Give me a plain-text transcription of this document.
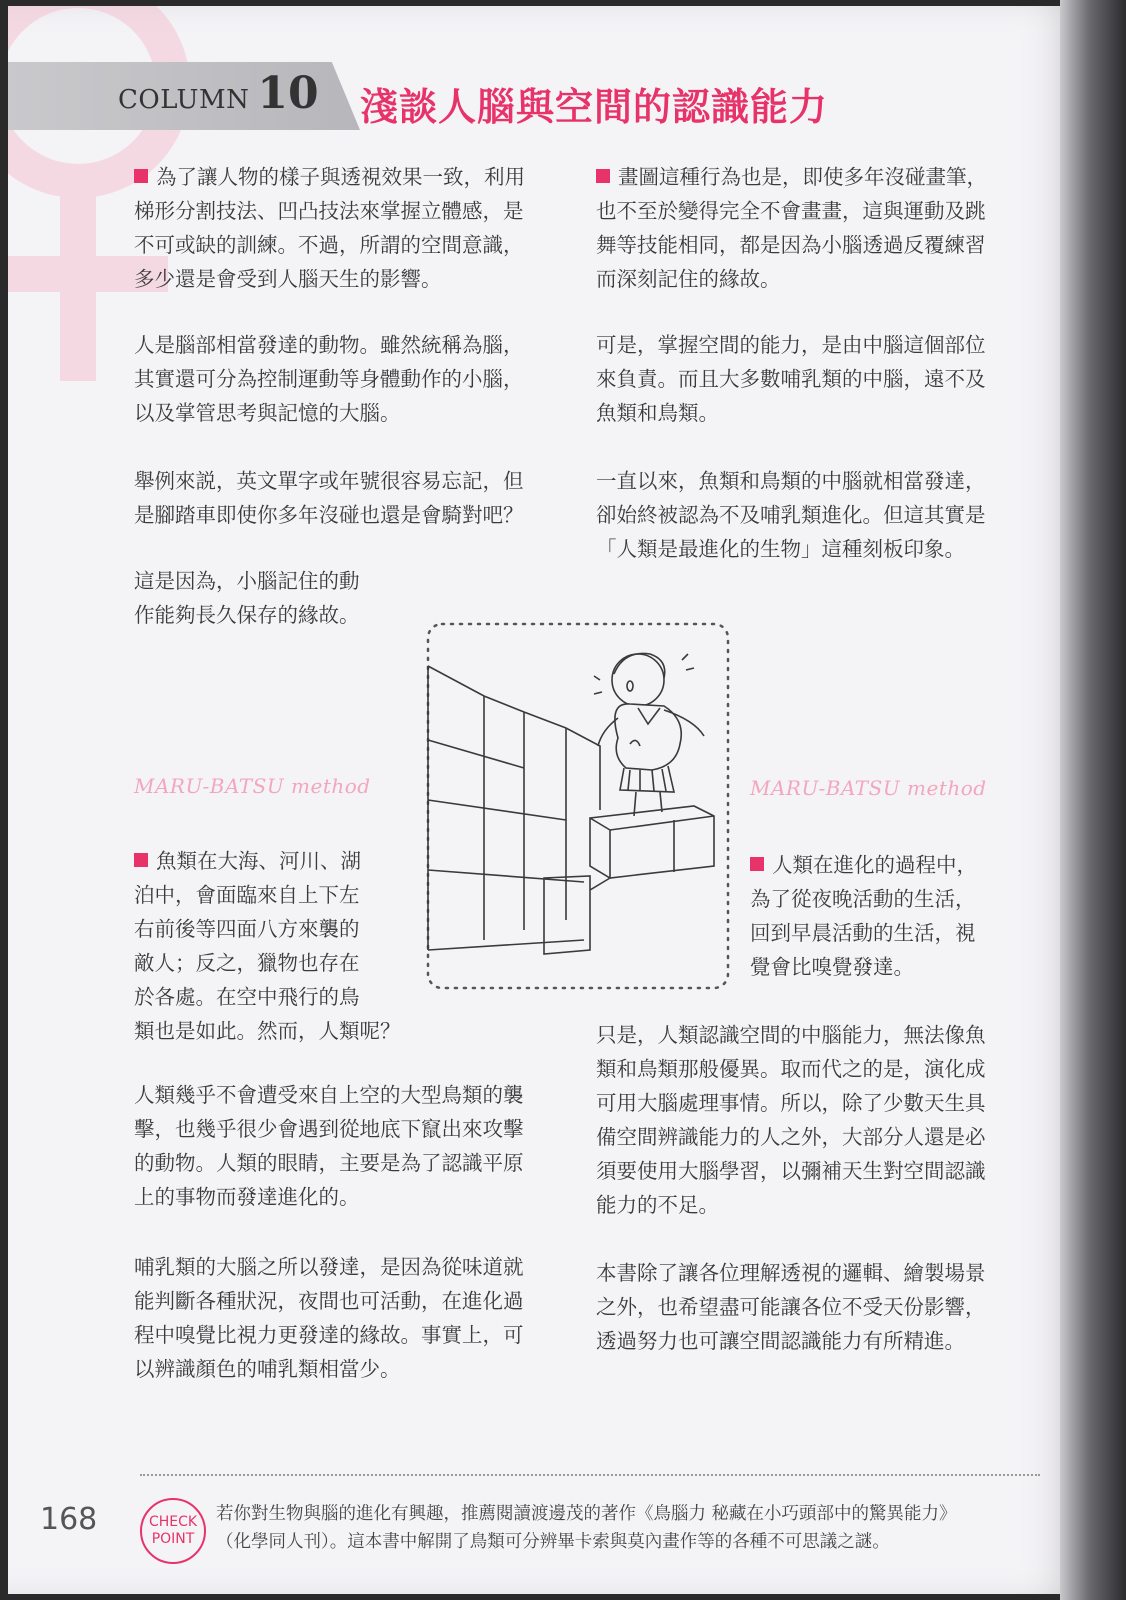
COLUMN 10 淺談人腦與空間的認識能力
為了讓人物的樣子與透視效果一致，利用
梯形分割技法、凹凸技法來掌握立體感，是
不可或缺的訓練。不過，所謂的空間意識，
多少還是會受到人腦天生的影響。
人是腦部相當發達的動物。雖然統稱為腦，
其實還可分為控制運動等身體動作的小腦，
以及掌管思考與記憶的大腦。
舉例來説，英文單字或年號很容易忘記，但
是腳踏車即使你多年沒碰也還是會騎對吧？
這是因為，小腦記住的動
作能夠長久保存的緣故。
MARU-BATSU method
魚類在大海、河川、湖
泊中，會面臨來自上下左
右前後等四面八方來襲的
敵人；反之，獵物也存在
於各處。在空中飛行的鳥
類也是如此。然而，人類呢？
人類幾乎不會遭受來自上空的大型鳥類的襲
擊，也幾乎很少會遇到從地底下竄出來攻擊
的動物。人類的眼睛，主要是為了認識平原
上的事物而發達進化的。
哺乳類的大腦之所以發達，是因為從味道就
能判斷各種狀況，夜間也可活動，在進化過
程中嗅覺比視力更發達的緣故。事實上，可
以辨識顏色的哺乳類相當少。
畫圖這種行為也是，即使多年沒碰畫筆，
也不至於變得完全不會畫畫，這與運動及跳
舞等技能相同，都是因為小腦透過反覆練習
而深刻記住的緣故。
可是，掌握空間的能力，是由中腦這個部位
來負責。而且大多數哺乳類的中腦，遠不及
魚類和鳥類。
一直以來，魚類和鳥類的中腦就相當發達，
卻始終被認為不及哺乳類進化。但這其實是
「人類是最進化的生物」這種刻板印象。
MARU-BATSU method
人類在進化的過程中，
為了從夜晚活動的生活，
回到早晨活動的生活，視
覺會比嗅覺發達。
只是，人類認識空間的中腦能力，無法像魚
類和鳥類那般優異。取而代之的是，演化成
可用大腦處理事情。所以，除了少數天生具
備空間辨識能力的人之外，大部分人還是必
須要使用大腦學習，以彌補天生對空間認識
能力的不足。
本書除了讓各位理解透視的邏輯、繪製場景
之外，也希望盡可能讓各位不受天份影響，
透過努力也可讓空間認識能力有所精進。
168	CHECK
POINT
若你對生物與腦的進化有興趣，推薦閱讀渡邊茂的著作《鳥腦力 秘藏在小巧頭部中的驚異能力》
（化學同人刊）。這本書中解開了鳥類可分辨畢卡索與莫內畫作等的各種不可思議之謎。
